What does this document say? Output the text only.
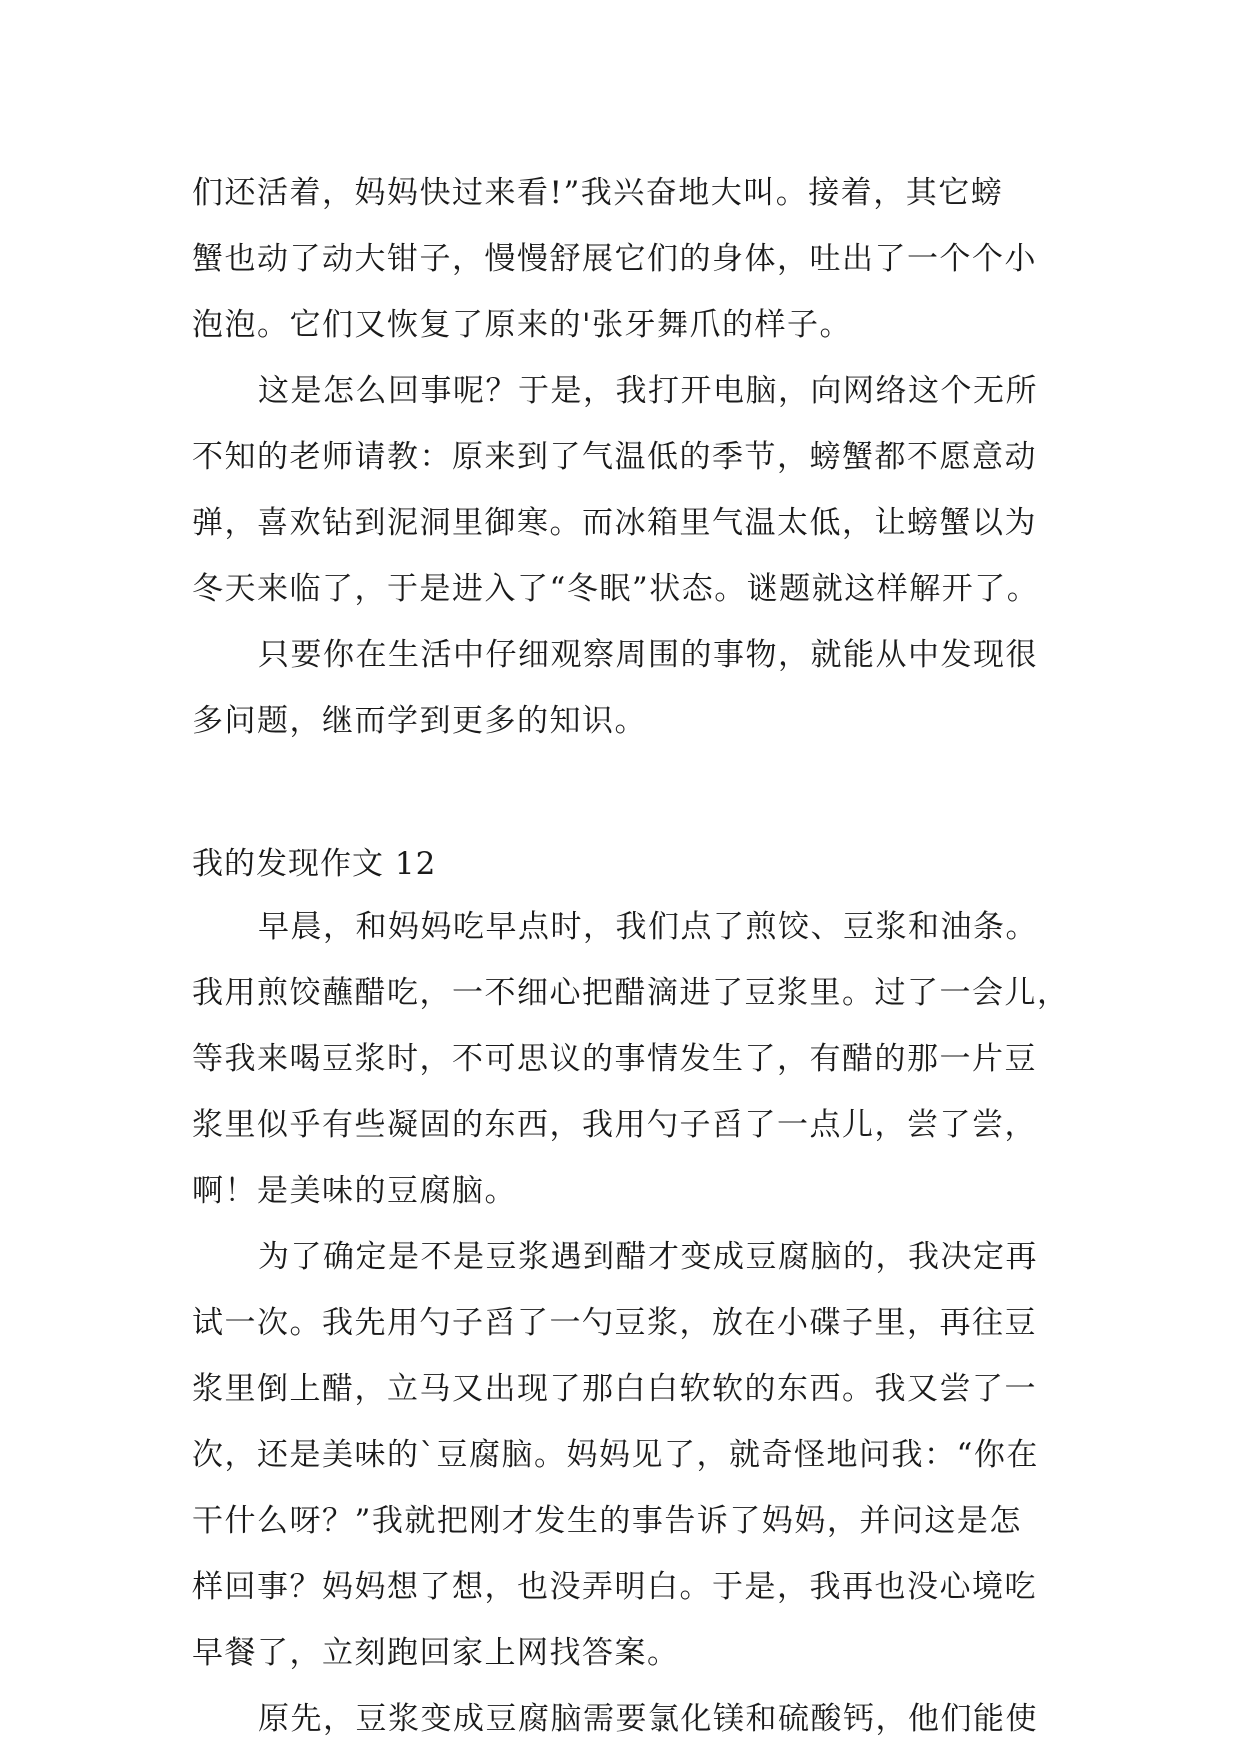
们还活着，妈妈快过来看!”我兴奋地大叫。接着，其它螃
蟹也动了动大钳子，慢慢舒展它们的身体，吐出了一个个小
泡泡。它们又恢复了原来的'张牙舞爪的样子。
这是怎么回事呢？于是，我打开电脑，向网络这个无所
不知的老师请教：原来到了气温低的季节，螃蟹都不愿意动
弹，喜欢钻到泥洞里御寒。而冰箱里气温太低，让螃蟹以为
冬天来临了，于是进入了“冬眠”状态。谜题就这样解开了。
只要你在生活中仔细观察周围的事物，就能从中发现很
多问题，继而学到更多的知识。
我的发现作文 12
早晨，和妈妈吃早点时，我们点了煎饺、豆浆和油条。
我用煎饺蘸醋吃，一不细心把醋滴进了豆浆里。过了一会儿，
等我来喝豆浆时，不可思议的事情发生了，有醋的那一片豆
浆里似乎有些凝固的东西，我用勺子舀了一点儿，尝了尝，
啊！是美味的豆腐脑。
为了确定是不是豆浆遇到醋才变成豆腐脑的，我决定再
试一次。我先用勺子舀了一勺豆浆，放在小碟子里，再往豆
浆里倒上醋，立马又出现了那白白软软的东西。我又尝了一
次，还是美味的`豆腐脑。妈妈见了，就奇怪地问我：“你在
干什么呀？”我就把刚才发生的事告诉了妈妈，并问这是怎
样回事？妈妈想了想，也没弄明白。于是，我再也没心境吃
早餐了，立刻跑回家上网找答案。
原先，豆浆变成豆腐脑需要氯化镁和硫酸钙，他们能使
